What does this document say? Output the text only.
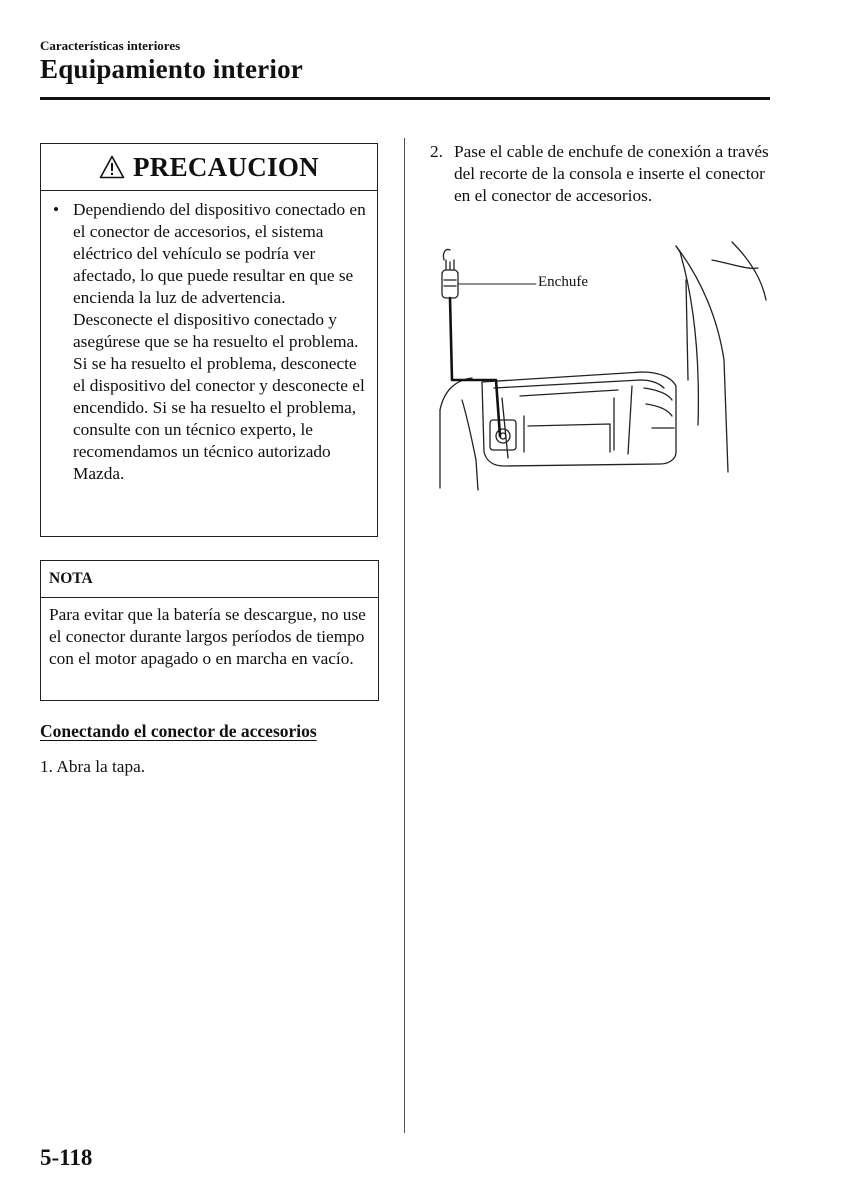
Características interiores
Equipamiento interior
PRECAUCION
• Dependiendo del dispositivo conectado en el conector de accesorios, el sistema eléctrico del vehículo se podría ver afectado, lo que puede resultar en que se encienda la luz de advertencia. Desconecte el dispositivo conectado y asegúrese que se ha resuelto el problema. Si se ha resuelto el problema, desconecte el dispositivo del conector y desconecte el encendido. Si se ha resuelto el problema, consulte con un técnico experto, le recomendamos un técnico autorizado Mazda.
NOTA
Para evitar que la batería se descargue, no use el conector durante largos períodos de tiempo con el motor apagado o en marcha en vacío.
Conectando el conector de accesorios
1. Abra la tapa.
2. Pase el cable de enchufe de conexión a través del recorte de la consola e inserte el conector en el conector de accesorios.
Enchufe
5-118
